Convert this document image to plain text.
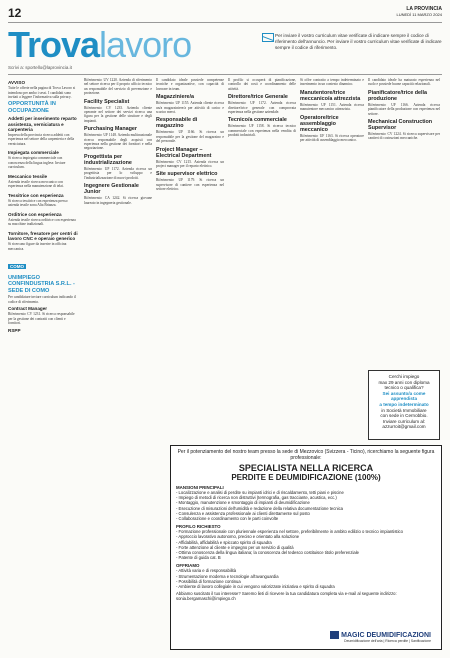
12	LA PROVINCIA
LUNEDÌ 11 MARZO 2024
Trovalavoro
Scrivi a: sportello@laprovincia.it
Per inviare il vostro curriculum vitae verificate di indicare sempre il codice di riferimento dell'annuncio. Per inviare il vostro curriculum vitae verificate di indicare sempre il codice di riferimento.
AVVISO
Tutte le offerte nella pagina di Trova Lavoro si intendono per ambo i sessi. I candidati sono invitati a leggere l'informativa sulla privacy.
OPPORTUNITÀ IN OCCUPAZIONE
Addetti per inserimento reparto assistenza, verniciatura e carpenteria
Impresa della provincia ricerca addetti con esperienza nel settore della carpenteria e della verniciatura.
Impiegata commerciale
Si ricerca impiegata commerciale con conoscenza della lingua inglese. Inviare curriculum.
Meccanico tessile
Azienda tessile ricerca meccanico con esperienza nella manutenzione di telai.
Tessitrice con esperienza
Si ricerca tessitrice con esperienza presso azienda tessile zona Alta Brianza.
Orditrice con esperienza
Azienda tessile ricerca orditrice con esperienza su macchine tradizionali.
Tornitore, fresatore per centri di lavoro CNC e operaio generico
Si ricercano figure da inserire in officina meccanica.
COMO
UNIMPIEGO CONFINDUSTRIA S.R.L. - SEDE DI COMO
Per candidature inviare curriculum indicando il codice di riferimento.
Contract Manager
Riferimento: CV 1231. Si ricerca responsabile per la gestione dei contratti con clienti e fornitori.
RSPP
Riferimento: UV 1220. Azienda di riferimento nel settore ricerca per il proprio ufficio tecnico un responsabile del servizio di prevenzione e protezione.
Facility Specialist
Riferimento: CV 1235. Azienda cliente operante nel settore dei servizi ricerca una figura per la gestione delle strutture e degli impianti.
Purchasing Manager
Riferimento: UF 1148. Azienda multinazionale ricerca responsabile degli acquisti con esperienza nella gestione dei fornitori e nella negoziazione.
Progettista per industrializzazione
Riferimento: UP 1172. Azienda ricerca un progettista per lo sviluppo e l'industrializzazione di nuovi prodotti.
Ingegnere Gestionale Junior
Riferimento: CA 1242. Si ricerca giovane laureato in ingegneria gestionale.
Il candidato ideale possiede competenze tecniche e organizzative, con capacità di lavorare in team.
Magazziniere/a
Riferimento: UF 1155. Azienda cliente ricerca un/a magazziniere/a per attività di carico e scarico merci.
Responsabile di magazzino
Riferimento: UF 1166. Si ricerca un responsabile per la gestione del magazzino e del personale.
Project Manager – Electrical Department
Riferimento: CV 1215. Azienda ricerca un project manager per il reparto elettrico.
Site supervisor elettrico
Riferimento: UF 1179. Si ricerca un supervisore di cantiere con esperienza nel settore elettrico.
Il profilo si occuperà di pianificazione, controllo dei costi e coordinamento delle attività.
Direttore/trice Generale
Riferimento: UF 1172. Azienda ricerca direttore/trice generale con comprovata esperienza nella gestione aziendale.
Tecnico/a commerciale
Riferimento: UF 1158. Si ricerca tecnico commerciale con esperienza nella vendita di prodotti industriali.
Si offre contratto a tempo indeterminato e inserimento in un contesto dinamico.
Manutentore/trice meccanico/a attrezzista
Riferimento: UF 1151. Azienda ricerca manutentore meccanico attrezzista.
Operatore/trice assemblaggio meccanico
Riferimento: UF 1163. Si ricerca operatore per attività di assemblaggio meccanico.
Il candidato ideale ha maturato esperienza nel ruolo e possiede buone capacità relazionali.
Pianificatore/trice della produzione
Riferimento: UF 1166. Azienda ricerca pianificatore della produzione con esperienza nel settore.
Mechanical Construction Supervisor
Riferimento: CV 1224. Si ricerca supervisore per cantieri di costruzioni meccaniche.
Cerchi impiego
max 29 anni con diploma
tecnico o qualifica?
Sei assunto/a come apprendista
a tempo indeterminato
in Società Immobiliare
con sede in Cernobbio.
Inviare curriculum al:
azzurroit@gmail.com
Per il potenziamento del nostro team presso la sede di Mezzovico (Svizzera - Ticino), ricerchiamo la seguente figura professionale:
SPECIALISTA NELLA RICERCA
PERDITE E DEUMIDIFICAZIONE (100%)
MANSIONI PRINCIPALI
- Localizzazione e analisi di perdite su impianti idrici e di riscaldamento, tetti piani e piscine
- Impiego di metodi di ricerca non distruttivi (termografia, gas tracciante, acustica, ecc.)
- Montaggio, manutenzione e smontaggio di impianti di deumidificazione
- Esecuzione di misurazioni dell'umidità e redazione della relativa documentazione tecnica
- Consulenza e assistenza professionale ai clienti direttamente sul posto
- Collaborazione e coordinamento con le parti coinvolte
PROFILO RICHIESTO
- Formazione professionale con pluriennale esperienza nel settore, preferibilmente in ambito edilizio o tecnico impiantistico
- Approccio lavorativo autonomo, preciso e orientato alla soluzione
- Affidabilità, affidabilità e spiccato spirito di squadra
- Forte attenzione al cliente e impegno per un servizio di qualità
- Ottima conoscenza della lingua italiana; la conoscenza del tedesco costituisce titolo preferenziale
- Patente di guida cat. B
OFFRIAMO
- Attività varia e di responsabilità
- Strumentazione moderna e tecnologie all'avanguardia
- Possibilità di formazione continua
- Ambiente di lavoro collegiale in cui vengono valorizzate iniziativa e spirito di squadra
Abbiamo suscitato il tuo interesse? Saremo lieti di ricevere la tua candidatura completa via e-mail al seguente indirizzo: sonia.bergamaschi@impiego.ch
MAGIC DEUMIDIFICAZIONI
Deumidificazione dell'aria | Ricerca perdite | Sanificazione
